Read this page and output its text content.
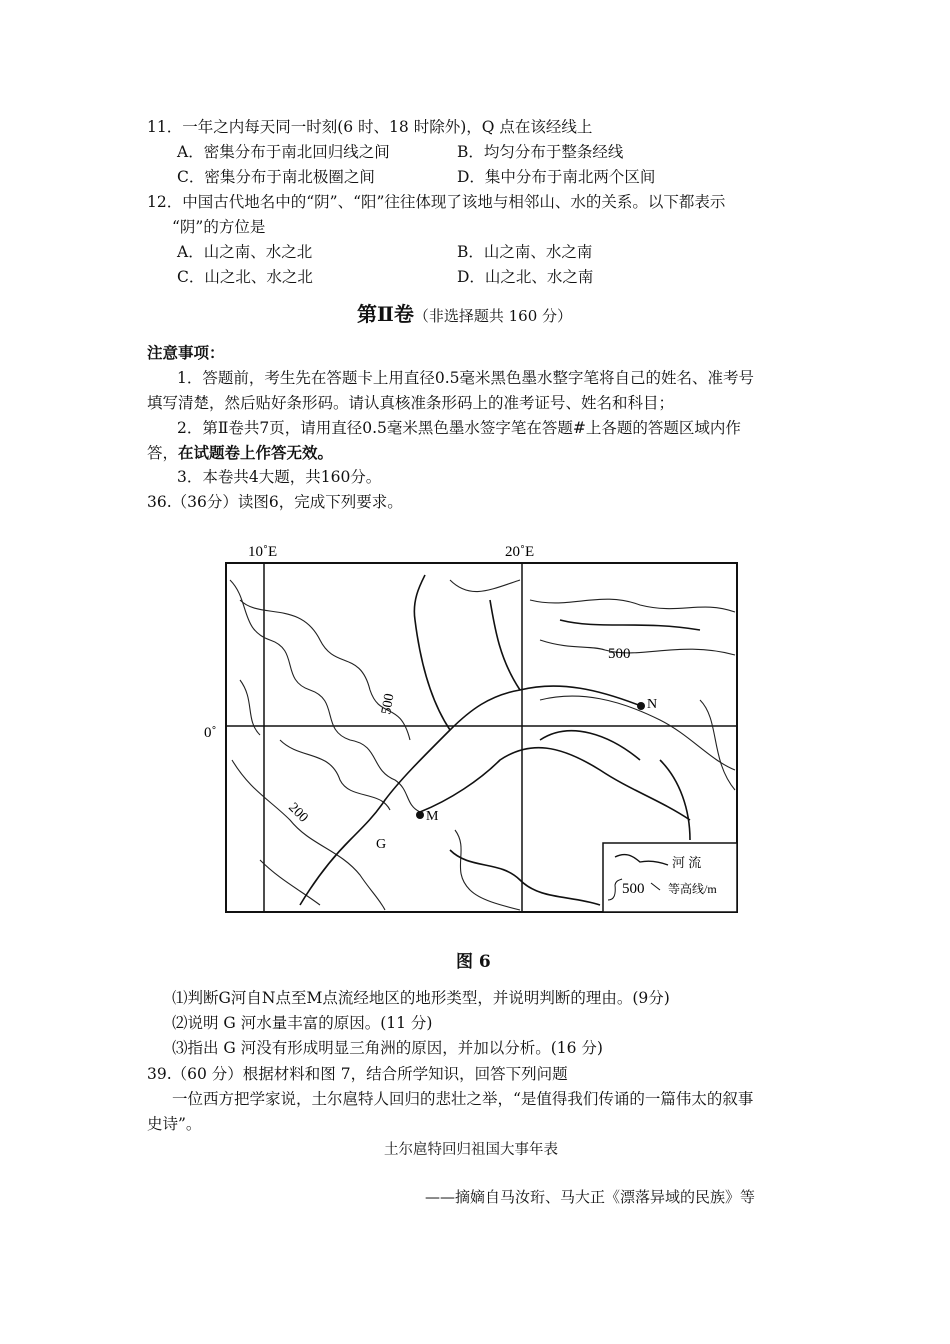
11．一年之内每天同一时刻(6 时、18 时除外)，Q 点在该经线上
A．密集分布于南北回归线之间	B．均匀分布于整条经线
C．密集分布于南北极圈之间	D．集中分布于南北两个区间
12．中国古代地名中的“阴”、“阳”往往体现了该地与相邻山、水的关系。以下都表示
“阴”的方位是
A．山之南、水之北	B．山之南、水之南
C．山之北、水之北	D．山之北、水之南
第Ⅱ卷（非选择题共 160 分）
注意事项：
1．答题前，考生先在答题卡上用直径0.5毫米黑色墨水整字笔将自己的姓名、准考号
填写清楚，然后贴好条形码。请认真核准条形码上的准考证号、姓名和科目；
2．第Ⅱ卷共7页，请用直径0.5毫米黑色墨水签字笔在答题#上各题的答题区域内作
答，在试题卷上作答无效。
3．本卷共4大题，共160分。
36.（36分）读图6，完成下列要求。
10˚E	20˚E
0˚
500
500
200
N
M
G
河 流
500 等高线/m
图 6
⑴判断G河自N点至M点流经地区的地形类型，并说明判断的理由。(9分)
⑵说明 G 河水量丰富的原因。(11 分)
⑶指出 G 河没有形成明显三角洲的原因，并加以分析。(16 分)
39.（60 分）根据材料和图 7，结合所学知识，回答下列问题
一位西方把学家说，土尔扈特人回归的悲壮之举，“是值得我们传诵的一篇伟太的叙事
史诗”。
土尔扈特回归祖国大事年表
——摘嫡自马汝珩、马大正《漂落异域的民族》等
